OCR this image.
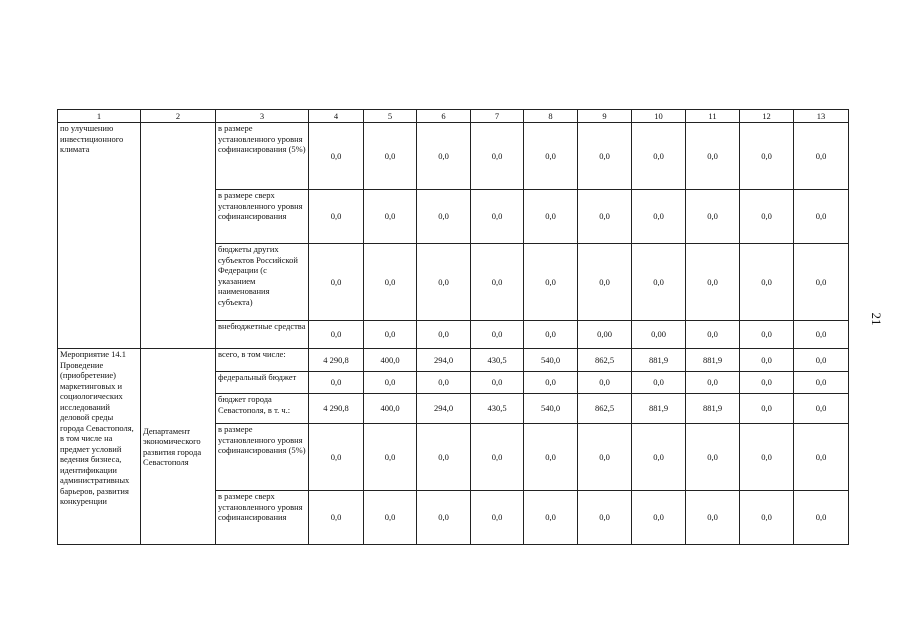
21
1	2	3	4	5	6	7	8	9	10	11	12	13
по улучшению инвестиционного климата		в размере установленного уровня софинансирования (5%)	0,0	0,0	0,0	0,0	0,0	0,0	0,0	0,0	0,0	0,0
		в размере сверх установленного уровня софинансирования	0,0	0,0	0,0	0,0	0,0	0,0	0,0	0,0	0,0	0,0
		бюджеты других субъектов Российской Федерации (с указанием наименования субъекта)	0,0	0,0	0,0	0,0	0,0	0,0	0,0	0,0	0,0	0,0
		внебюджетные средства	0,0	0,0	0,0	0,0	0,0	0,00	0,00	0,0	0,0	0,0
Мероприятие 14.1 Проведение (приобретение) маркетинговых и социологических исследований деловой среды города Севастополя, в том числе на предмет условий ведения бизнеса, идентификации административных барьеров, развития конкуренции	Департамент экономического развития города Севастополя	всего, в том числе:	4 290,8	400,0	294,0	430,5	540,0	862,5	881,9	881,9	0,0	0,0
		федеральный бюджет	0,0	0,0	0,0	0,0	0,0	0,0	0,0	0,0	0,0	0,0
		бюджет города Севастополя, в т. ч.:	4 290,8	400,0	294,0	430,5	540,0	862,5	881,9	881,9	0,0	0,0
		в размере установленного уровня софинансирования (5%)	0,0	0,0	0,0	0,0	0,0	0,0	0,0	0,0	0,0	0,0
		в размере сверх установленного уровня софинансирования	0,0	0,0	0,0	0,0	0,0	0,0	0,0	0,0	0,0	0,0
